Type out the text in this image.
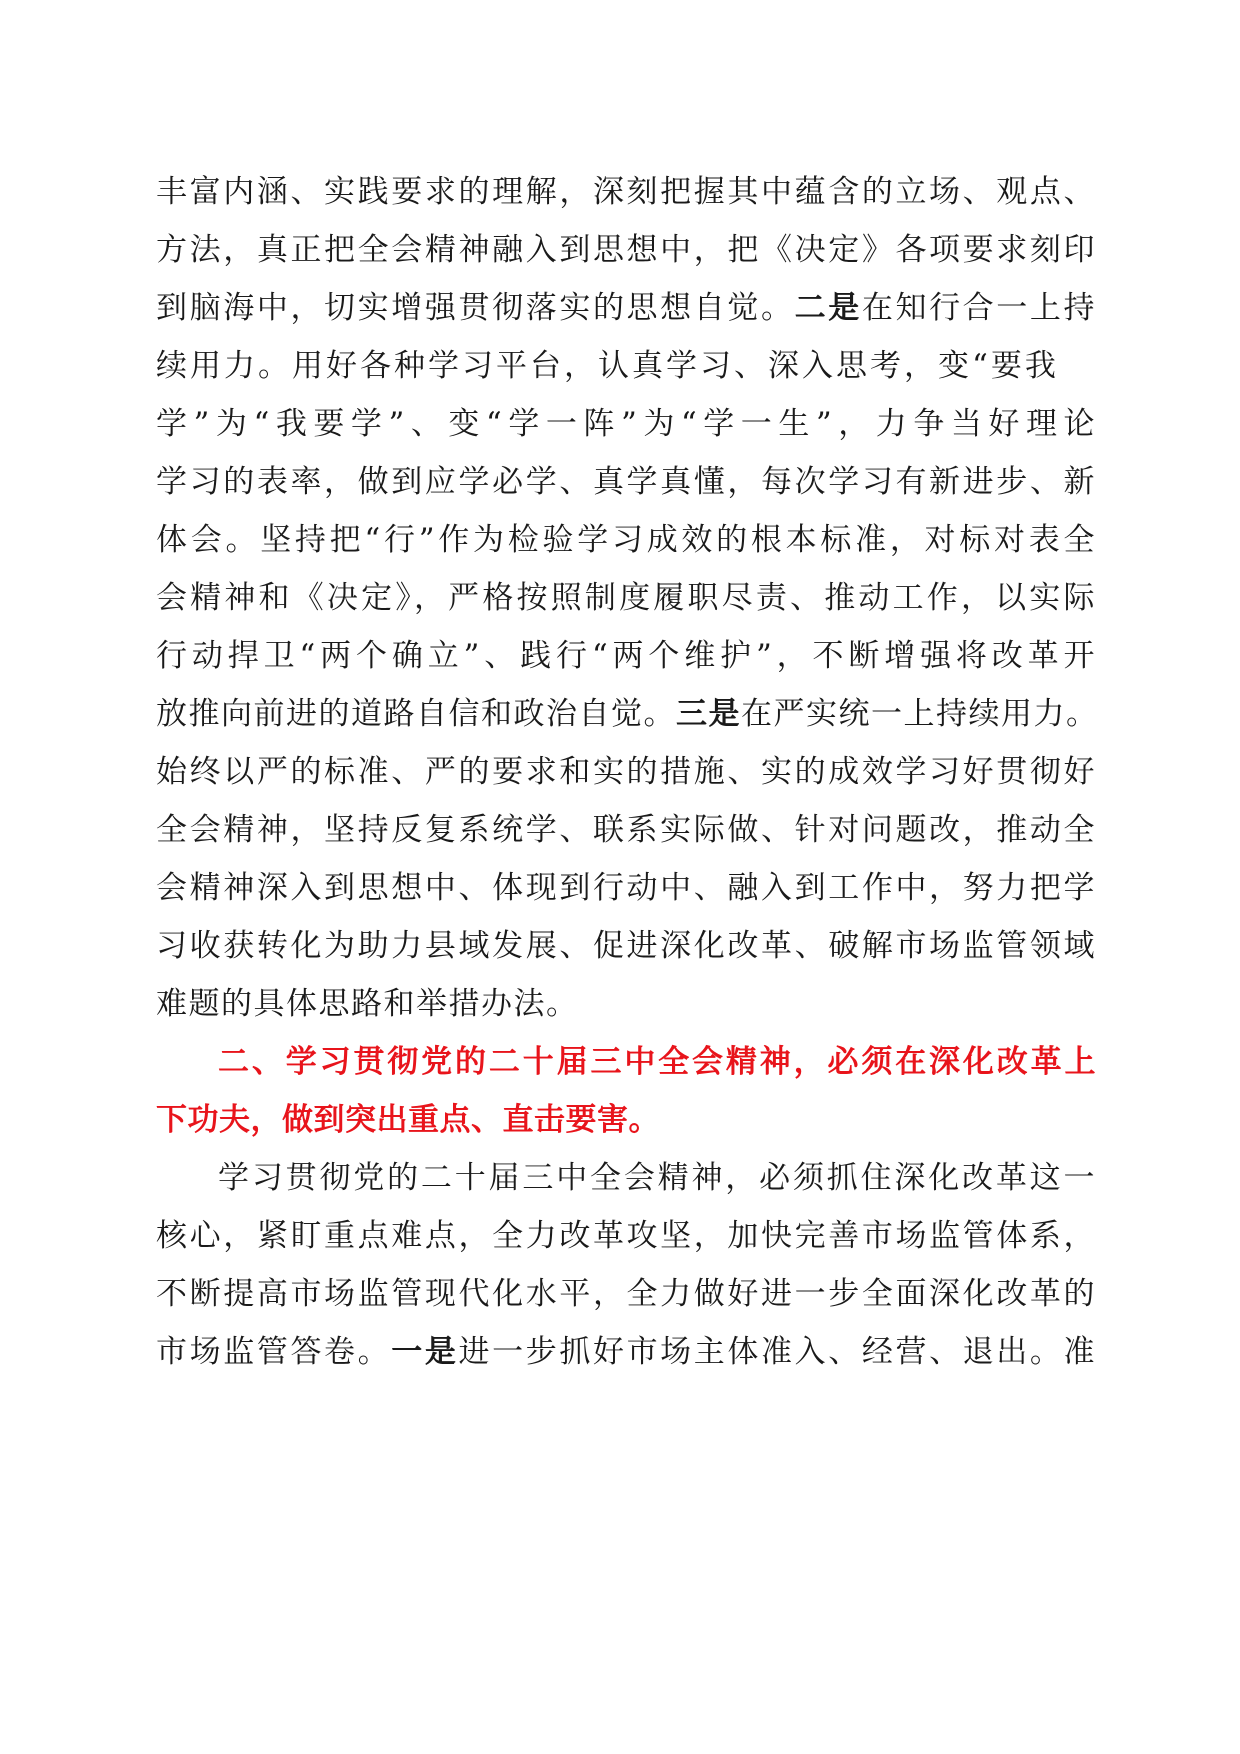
丰富内涵、实践要求的理解，深刻把握其中蕴含的立场、观点、
方法，真正把全会精神融入到思想中，把《决定》各项要求刻印
到脑海中，切实增强贯彻落实的思想自觉。二是在知行合一上持
续用力。用好各种学习平台，认真学习、深入思考，变“要我
学”为“我要学”、变“学一阵”为“学一生”，力争当好理论
学习的表率，做到应学必学、真学真懂，每次学习有新进步、新
体会。坚持把“行”作为检验学习成效的根本标准，对标对表全
会精神和《决定》，严格按照制度履职尽责、推动工作，以实际
行动捍卫“两个确立”、践行“两个维护”，不断增强将改革开
放推向前进的道路自信和政治自觉。三是在严实统一上持续用力。
始终以严的标准、严的要求和实的措施、实的成效学习好贯彻好
全会精神，坚持反复系统学、联系实际做、针对问题改，推动全
会精神深入到思想中、体现到行动中、融入到工作中，努力把学
习收获转化为助力县域发展、促进深化改革、破解市场监管领域
难题的具体思路和举措办法。
二、学习贯彻党的二十届三中全会精神，必须在深化改革上
下功夫，做到突出重点、直击要害。
学习贯彻党的二十届三中全会精神，必须抓住深化改革这一
核心，紧盯重点难点，全力改革攻坚，加快完善市场监管体系，
不断提高市场监管现代化水平，全力做好进一步全面深化改革的
市场监管答卷。一是进一步抓好市场主体准入、经营、退出。准
